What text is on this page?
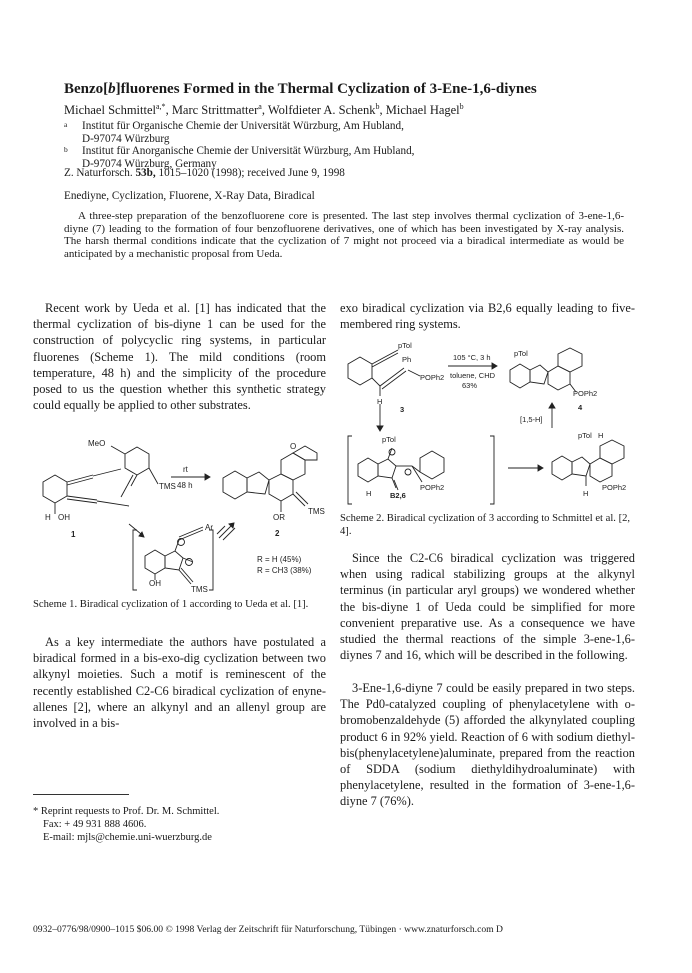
Benzo[b]fluorenes Formed in the Thermal Cyclization of 3-Ene-1,6-diynes
Michael Schmittel$^{a,*}$, Marc Strittmatter$^a$, Wolfdieter A. Schenk$^b$, Michael Hagel$^b$
a Institut für Organische Chemie der Universität Würzburg, Am Hubland,
D-97074 Würzburg
b Institut für Anorganische Chemie der Universität Würzburg, Am Hubland,
D-97074 Würzburg, Germany
Z. Naturforsch. 53b, 1015–1020 (1998); received June 9, 1998
Enediyne, Cyclization, Fluorene, X-Ray Data, Biradical
A three-step preparation of the benzofluorene core is presented. The last step involves thermal cyclization of 3-ene-1,6-diyne (7) leading to the formation of four benzofluorene derivatives, one of which has been investigated by X-ray analysis. The harsh thermal conditions indicate that the cyclization of 7 might not proceed via a biradical intermediate as would be anticipated by a mechanistic proposal from Ueda.
Recent work by Ueda et al. [1] has indicated that the thermal cyclization of bis-diyne 1 can be used for the construction of polycyclic ring systems, in particular fluorenes (Scheme 1). The mild conditions (room temperature, 48 h) and the simplicity of the procedure posed to us the question whether this synthetic strategy could equally be applied to other substrates.
MeO
TMS
rt
48 h
H OH
1	2
OR
TMS
O
Ar
OH
TMS
R = H (45%)
R = CH3 (38%)
Scheme 1. Biradical cyclization of 1 according to Ueda et al. [1].
As a key intermediate the authors have postulated a biradical formed in a bis-exo-dig cyclization between two alkynyl moieties. Such a motif is reminescent of the recently established C2-C6 biradical cyclization of enyne-allenes [2], where an alkynyl and an allenyl group are involved in a bis-
* Reprint requests to Prof. Dr. M. Schmittel.
Fax: + 49 931 888 4606.
E-mail: mjls@chemie.uni-wuerzburg.de
exo biradical cyclization via B2,6 equally leading to five-membered ring systems.
pTol
Ph
POPh2
H
3
105 °C, 3 h
toluene, CHD
63%
pTol
POPh2
4
[1,5-H]
pTol
POPh2
H B2,6
pTol H
POPh2
H
Scheme 2. Biradical cyclization of 3 according to Schmittel et al. [2, 4].
Since the C2-C6 biradical cyclization was triggered when using radical stabilizing groups at the alkynyl terminus (in particular aryl groups) we wondered whether the bis-diyne 1 of Ueda could be simplified for more convenient preparative use. As a consequence we have studied the thermal reactions of the simple 3-ene-1,6-diynes 7 and 16, which will be described in the following.
3-Ene-1,6-diyne 7 could be easily prepared in two steps. The Pd0-catalyzed coupling of phenylacetylene with o-bromobenzaldehyde (5) afforded the alkynylated coupling product 6 in 92% yield. Reaction of 6 with sodium diethyl-bis(phenylacetylene)aluminate, prepared from the reaction of SDDA (sodium diethyldihydroaluminate) with phenylacetylene, resulted in the formation of 3-ene-1,6-diyne 7 (76%).
0932–0776/98/0900–1015 $06.00 © 1998 Verlag der Zeitschrift für Naturforschung, Tübingen · www.znaturforsch.com D
